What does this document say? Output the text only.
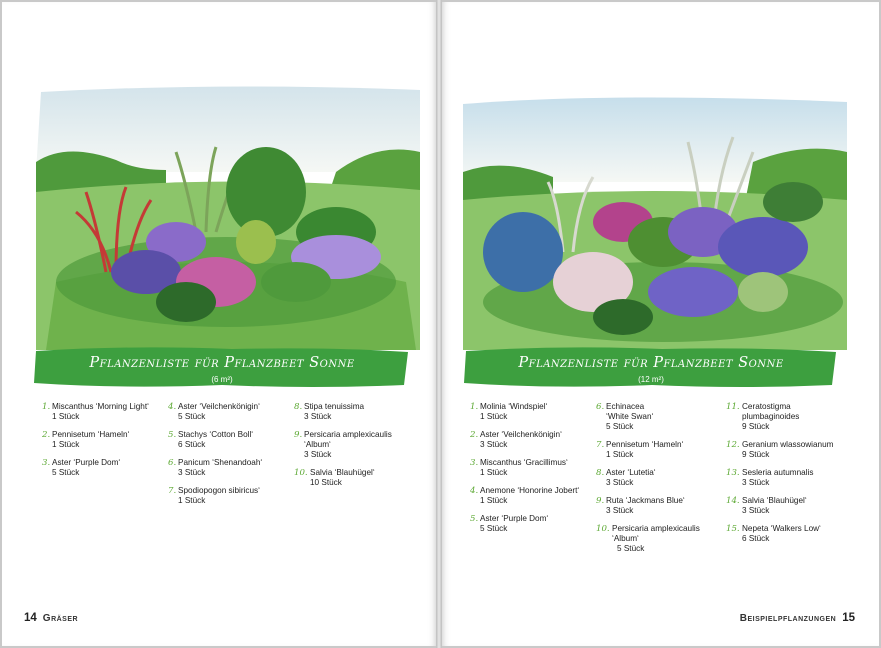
Pflanzenliste für Pflanzbeet Sonne
(6 m²)
1. Miscanthus ‘Morning Light‘
1 Stück
2. Pennisetum ‘Hameln‘
1 Stück
3. Aster ‘Purple Dom‘
5 Stück
4. Aster ‘Veilchenkönigin‘
5 Stück
5. Stachys ‘Cotton Boll‘
6 Stück
6. Panicum ‘Shenandoah‘
3 Stück
7. Spodiopogon sibiricus‘
1 Stück
8. Stipa tenuissima
3 Stück
9. Persicaria amplexicaulis
‘Album‘
3 Stück
10. Salvia ‘Blauhügel‘
10 Stück
14 Gräser
Pflanzenliste für Pflanzbeet Sonne
(12 m²)
1. Molinia ‘Windspiel‘
1 Stück
2. Aster ‘Veilchenkönigin‘
3 Stück
3. Miscanthus ‘Gracillimus‘
1 Stück
4. Anemone ‘Honorine Jobert‘
1 Stück
5. Aster ‘Purple Dom‘
5 Stück
6. Echinacea
‘White Swan‘
5 Stück
7. Pennisetum ‘Hameln‘
1 Stück
8. Aster ‘Lutetia‘
3 Stück
9. Ruta ‘Jackmans Blue‘
3 Stück
10. Persicaria amplexicaulis
‘Album‘
5 Stück
11. Ceratostigma
plumbaginoides
9 Stück
12. Geranium wlassowianum
9 Stück
13. Sesleria autumnalis
3 Stück
14. Salvia ‘Blauhügel‘
3 Stück
15. Nepeta ‘Walkers Low‘
6 Stück
Beispielpflanzungen 15
